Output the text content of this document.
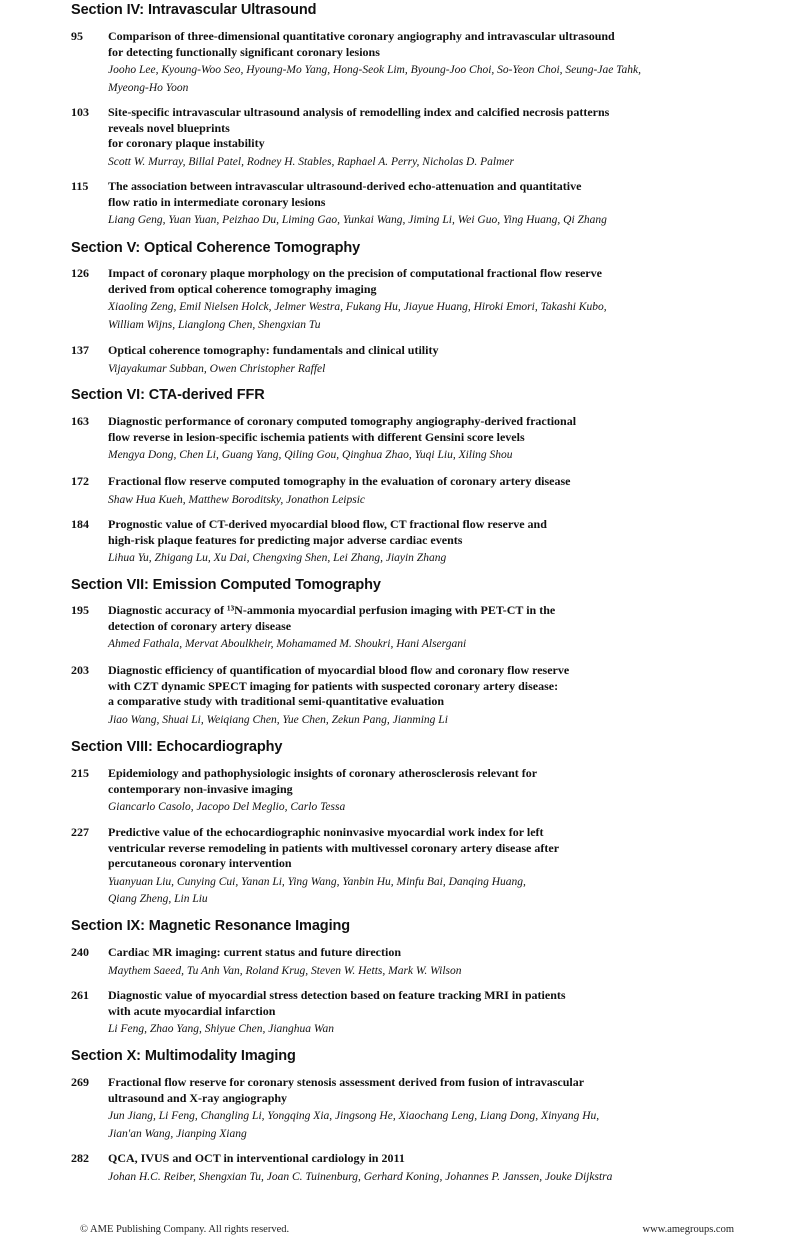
Section IV: Intravascular Ultrasound
95	Comparison of three-dimensional quantitative coronary angiography and intravascular ultrasound
for detecting functionally significant coronary lesions
Jooho Lee, Kyoung-Woo Seo, Hyoung-Mo Yang, Hong-Seok Lim, Byoung-Joo Choi, So-Yeon Choi, Seung-Jae Tahk,
Myeong-Ho Yoon
103	Site-specific intravascular ultrasound analysis of remodelling index and calcified necrosis patterns
reveals novel blueprints
for coronary plaque instability
Scott W. Murray, Billal Patel, Rodney H. Stables, Raphael A. Perry, Nicholas D. Palmer
115	The association between intravascular ultrasound-derived echo-attenuation and quantitative
flow ratio in intermediate coronary lesions
Liang Geng, Yuan Yuan, Peizhao Du, Liming Gao, Yunkai Wang, Jiming Li, Wei Guo, Ying Huang, Qi Zhang
Section V: Optical Coherence Tomography
126	Impact of coronary plaque morphology on the precision of computational fractional flow reserve
derived from optical coherence tomography imaging
Xiaoling Zeng, Emil Nielsen Holck, Jelmer Westra, Fukang Hu, Jiayue Huang, Hiroki Emori, Takashi Kubo,
William Wijns, Lianglong Chen, Shengxian Tu
137	Optical coherence tomography: fundamentals and clinical utility
Vijayakumar Subban, Owen Christopher Raffel
Section VI: CTA-derived FFR
163	Diagnostic performance of coronary computed tomography angiography-derived fractional
flow reverse in lesion-specific ischemia patients with different Gensini score levels
Mengya Dong, Chen Li, Guang Yang, Qiling Gou, Qinghua Zhao, Yuqi Liu, Xiling Shou
172	Fractional flow reserve computed tomography in the evaluation of coronary artery disease
Shaw Hua Kueh, Matthew Boroditsky, Jonathon Leipsic
184	Prognostic value of CT-derived myocardial blood flow, CT fractional flow reserve and
high-risk plaque features for predicting major adverse cardiac events
Lihua Yu, Zhigang Lu, Xu Dai, Chengxing Shen, Lei Zhang, Jiayin Zhang
Section VII: Emission Computed Tomography
195	Diagnostic accuracy of ¹³N-ammonia myocardial perfusion imaging with PET-CT in the
detection of coronary artery disease
Ahmed Fathala, Mervat Aboulkheir, Mohamamed M. Shoukri, Hani Alsergani
203	Diagnostic efficiency of quantification of myocardial blood flow and coronary flow reserve
with CZT dynamic SPECT imaging for patients with suspected coronary artery disease:
a comparative study with traditional semi-quantitative evaluation
Jiao Wang, Shuai Li, Weiqiang Chen, Yue Chen, Zekun Pang, Jianming Li
Section VIII: Echocardiography
215	Epidemiology and pathophysiologic insights of coronary atherosclerosis relevant for
contemporary non-invasive imaging
Giancarlo Casolo, Jacopo Del Meglio, Carlo Tessa
227	Predictive value of the echocardiographic noninvasive myocardial work index for left
ventricular reverse remodeling in patients with multivessel coronary artery disease after
percutaneous coronary intervention
Yuanyuan Liu, Cunying Cui, Yanan Li, Ying Wang, Yanbin Hu, Minfu Bai, Danqing Huang,
Qiang Zheng, Lin Liu
Section IX: Magnetic Resonance Imaging
240	Cardiac MR imaging: current status and future direction
Maythem Saeed, Tu Anh Van, Roland Krug, Steven W. Hetts, Mark W. Wilson
261	Diagnostic value of myocardial stress detection based on feature tracking MRI in patients
with acute myocardial infarction
Li Feng, Zhao Yang, Shiyue Chen, Jianghua Wan
Section X: Multimodality Imaging
269	Fractional flow reserve for coronary stenosis assessment derived from fusion of intravascular
ultrasound and X-ray angiography
Jun Jiang, Li Feng, Changling Li, Yongqing Xia, Jingsong He, Xiaochang Leng, Liang Dong, Xinyang Hu,
Jian'an Wang, Jianping Xiang
282	QCA, IVUS and OCT in interventional cardiology in 2011
Johan H.C. Reiber, Shengxian Tu, Joan C. Tuinenburg, Gerhard Koning, Johannes P. Janssen, Jouke Dijkstra
© AME Publishing Company. All rights reserved.	www.amegroups.com
